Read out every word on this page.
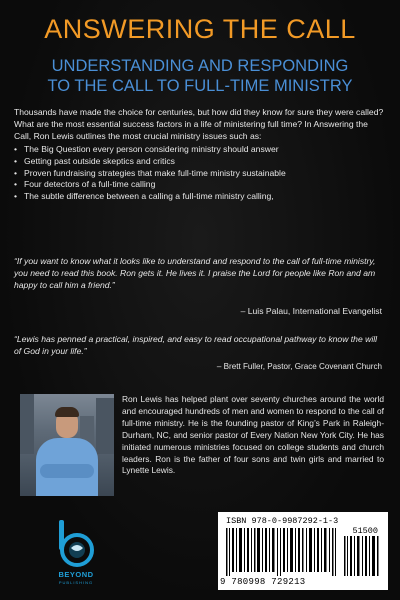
ANSWERING THE CALL
UNDERSTANDING AND RESPONDING
TO THE CALL TO FULL-TIME MINISTRY
Thousands have made the choice for centuries, but how did they know for sure they were called? What are the most essential success factors in a life of ministering full time? In Answering the Call, Ron Lewis outlines the most crucial ministry issues such as:
• The Big Question every person considering ministry should answer
• Getting past outside skeptics and critics
• Proven fundraising strategies that make full-time ministry sustainable
• Four detectors of a full-time calling
• The subtle difference between a calling a full-time ministry calling,
“If you want to know what it looks like to understand and respond to the call of full-time ministry, you need to read this book. Ron gets it. He lives it. I praise the Lord for people like Ron and am happy to call him a friend.”
– Luis Palau, International Evangelist
“Lewis has penned a practical, inspired, and easy to read occupational pathway to know the will of God in your life.”
– Brett Fuller, Pastor, Grace Covenant Church
Ron Lewis has helped plant over seventy churches around the world and encouraged hundreds of men and women to respond to the call of full-time ministry. He is the founding pastor of King’s Park in Raleigh-Durham, NC, and senior pastor of Every Nation New York City. He has initiated numerous ministries focused on college students and church leaders. Ron is the father of four sons and twin girls and married to Lynette Lewis.
BEYOND
PUBLISHING
ISBN 978-0-9987292-1-3
51500
9 780998 729213
